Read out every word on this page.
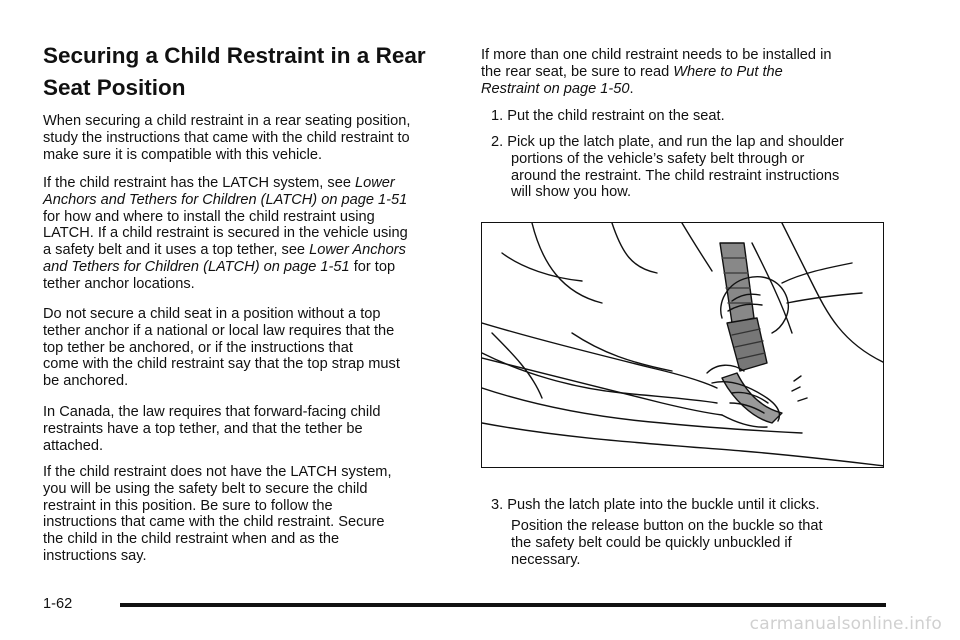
Securing a Child Restraint in a Rear
Seat Position
When securing a child restraint in a rear seating position,
study the instructions that came with the child restraint to
make sure it is compatible with this vehicle.
If the child restraint has the LATCH system, see Lower
Anchors and Tethers for Children (LATCH) on page 1-51
for how and where to install the child restraint using
LATCH. If a child restraint is secured in the vehicle using
a safety belt and it uses a top tether, see Lower Anchors
and Tethers for Children (LATCH) on page 1-51 for top
tether anchor locations.
Do not secure a child seat in a position without a top
tether anchor if a national or local law requires that the
top tether be anchored, or if the instructions that
come with the child restraint say that the top strap must
be anchored.
In Canada, the law requires that forward-facing child
restraints have a top tether, and that the tether be
attached.
If the child restraint does not have the LATCH system,
you will be using the safety belt to secure the child
restraint in this position. Be sure to follow the
instructions that came with the child restraint. Secure
the child in the child restraint when and as the
instructions say.
If more than one child restraint needs to be installed in
the rear seat, be sure to read Where to Put the
Restraint on page 1-50.
1. Put the child restraint on the seat.
2. Pick up the latch plate, and run the lap and shoulder
portions of the vehicle’s safety belt through or
around the restraint. The child restraint instructions
will show you how.
3. Push the latch plate into the buckle until it clicks.
Position the release button on the buckle so that
the safety belt could be quickly unbuckled if
necessary.
1-62
carmanualsonline.info
